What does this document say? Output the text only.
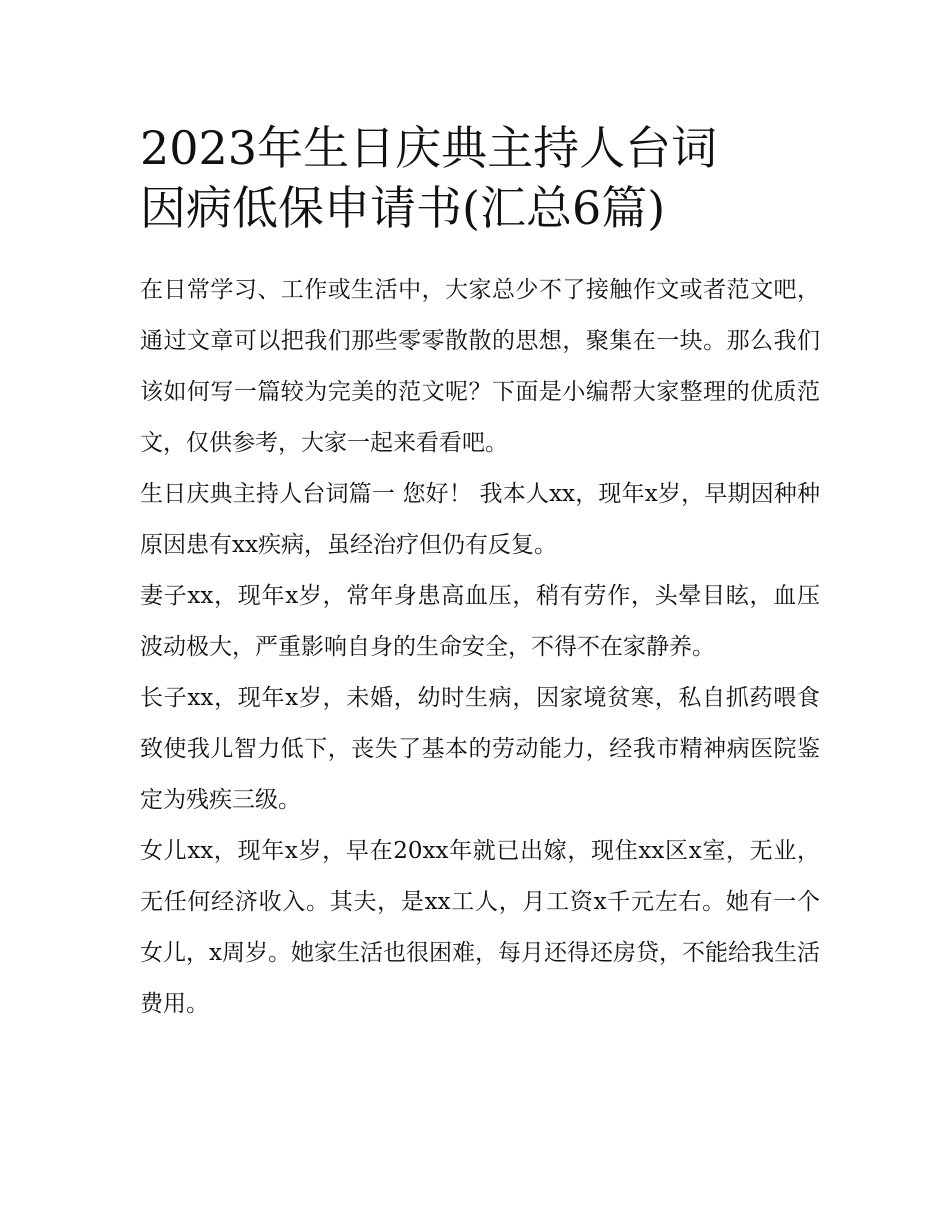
2023年生日庆典主持人台词
因病低保申请书(汇总6篇)

在日常学习、工作或生活中，大家总少不了接触作文或者范文吧，通过文章可以把我们那些零零散散的思想，聚集在一块。那么我们该如何写一篇较为完美的范文呢？下面是小编帮大家整理的优质范文，仅供参考，大家一起来看看吧。

生日庆典主持人台词篇一 您好！ 我本人xx，现年x岁，早期因种种原因患有xx疾病，虽经治疗但仍有反复。

妻子xx，现年x岁，常年身患高血压，稍有劳作，头晕目眩，血压波动极大，严重影响自身的生命安全，不得不在家静养。

长子xx，现年x岁，未婚，幼时生病，因家境贫寒，私自抓药喂食致使我儿智力低下，丧失了基本的劳动能力，经我市精神病医院鉴定为残疾三级。

女儿xx，现年x岁，早在20xx年就已出嫁，现住xx区x室，无业，无任何经济收入。其夫，是xx工人，月工资x千元左右。她有一个女儿，x周岁。她家生活也很困难，每月还得还房贷，不能给我生活费用。
